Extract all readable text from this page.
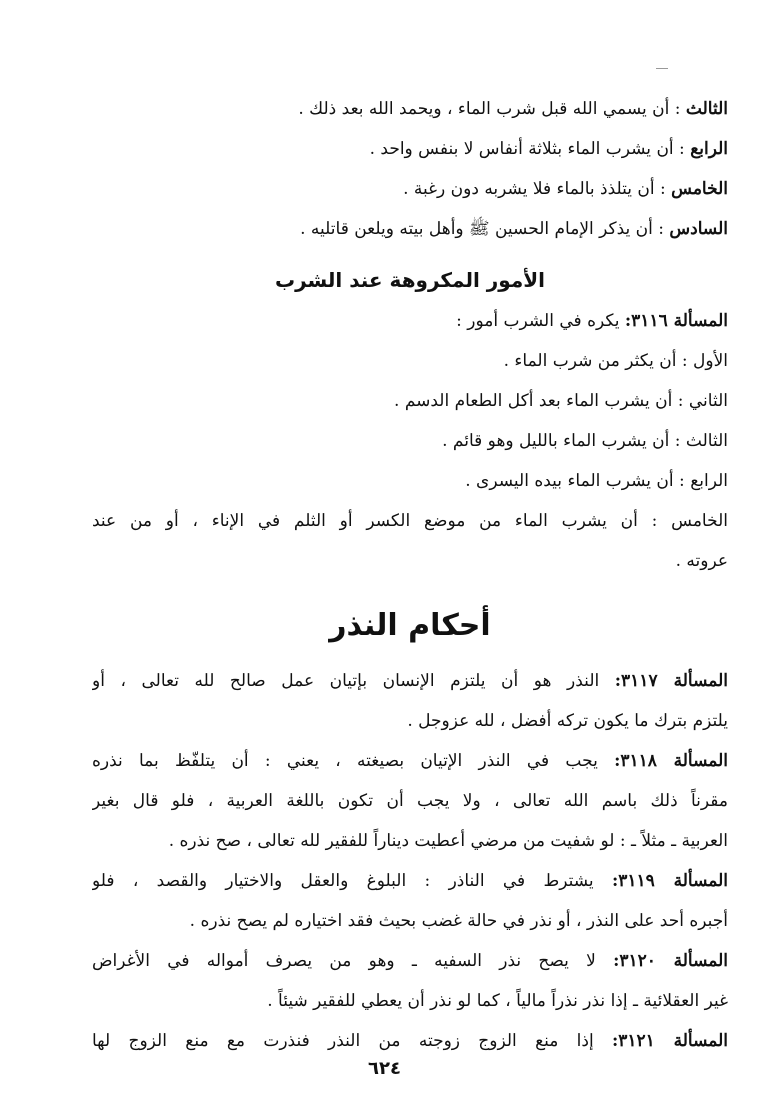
الثالث : أن يسمي الله قبل شرب الماء ، ويحمد الله بعد ذلك .
الرابع : أن يشرب الماء بثلاثة أنفاس لا بنفس واحد .
الخامس : أن يتلذذ بالماء فلا يشربه دون رغبة .
السادس : أن يذكر الإمام الحسين ﷺ وأهل بيته ويلعن قاتليه .
الأمور المكروهة عند الشرب
المسألة ٣١١٦: يكره في الشرب أمور :
الأول : أن يكثر من شرب الماء .
الثاني : أن يشرب الماء بعد أكل الطعام الدسم .
الثالث : أن يشرب الماء بالليل وهو قائم .
الرابع : أن يشرب الماء بيده اليسرى .
الخامس : أن يشرب الماء من موضع الكسر أو الثلم في الإناء ، أو من عند
عروته .
أحكام النذر
المسألة ٣١١٧: النذر هو أن يلتزم الإنسان بإتيان عمل صالح لله تعالى ، أو
يلتزم بترك ما يكون تركه أفضل ، لله عزوجل .
المسألة ٣١١٨: يجب في النذر الإتيان بصيغته ، يعني : أن يتلفّظ بما نذره
مقرناً ذلك باسم الله تعالى ، ولا يجب أن تكون باللغة العربية ، فلو قال بغير
العربية ـ مثلاً ـ : لو شفيت من مرضي أعطيت ديناراً للفقير لله تعالى ، صح نذره .
المسألة ٣١١٩: يشترط في الناذر : البلوغ والعقل والاختيار والقصد ، فلو
أجبره أحد على النذر ، أو نذر في حالة غضب بحيث فقد اختياره لم يصح نذره .
المسألة ٣١٢٠: لا يصح نذر السفيه ـ وهو من يصرف أمواله في الأغراض
غير العقلائية ـ إذا نذر نذراً مالياً ، كما لو نذر أن يعطي للفقير شيئاً .
المسألة ٣١٢١: إذا منع الزوج زوجته من النذر فنذرت مع منع الزوج لها
٦٢٤
